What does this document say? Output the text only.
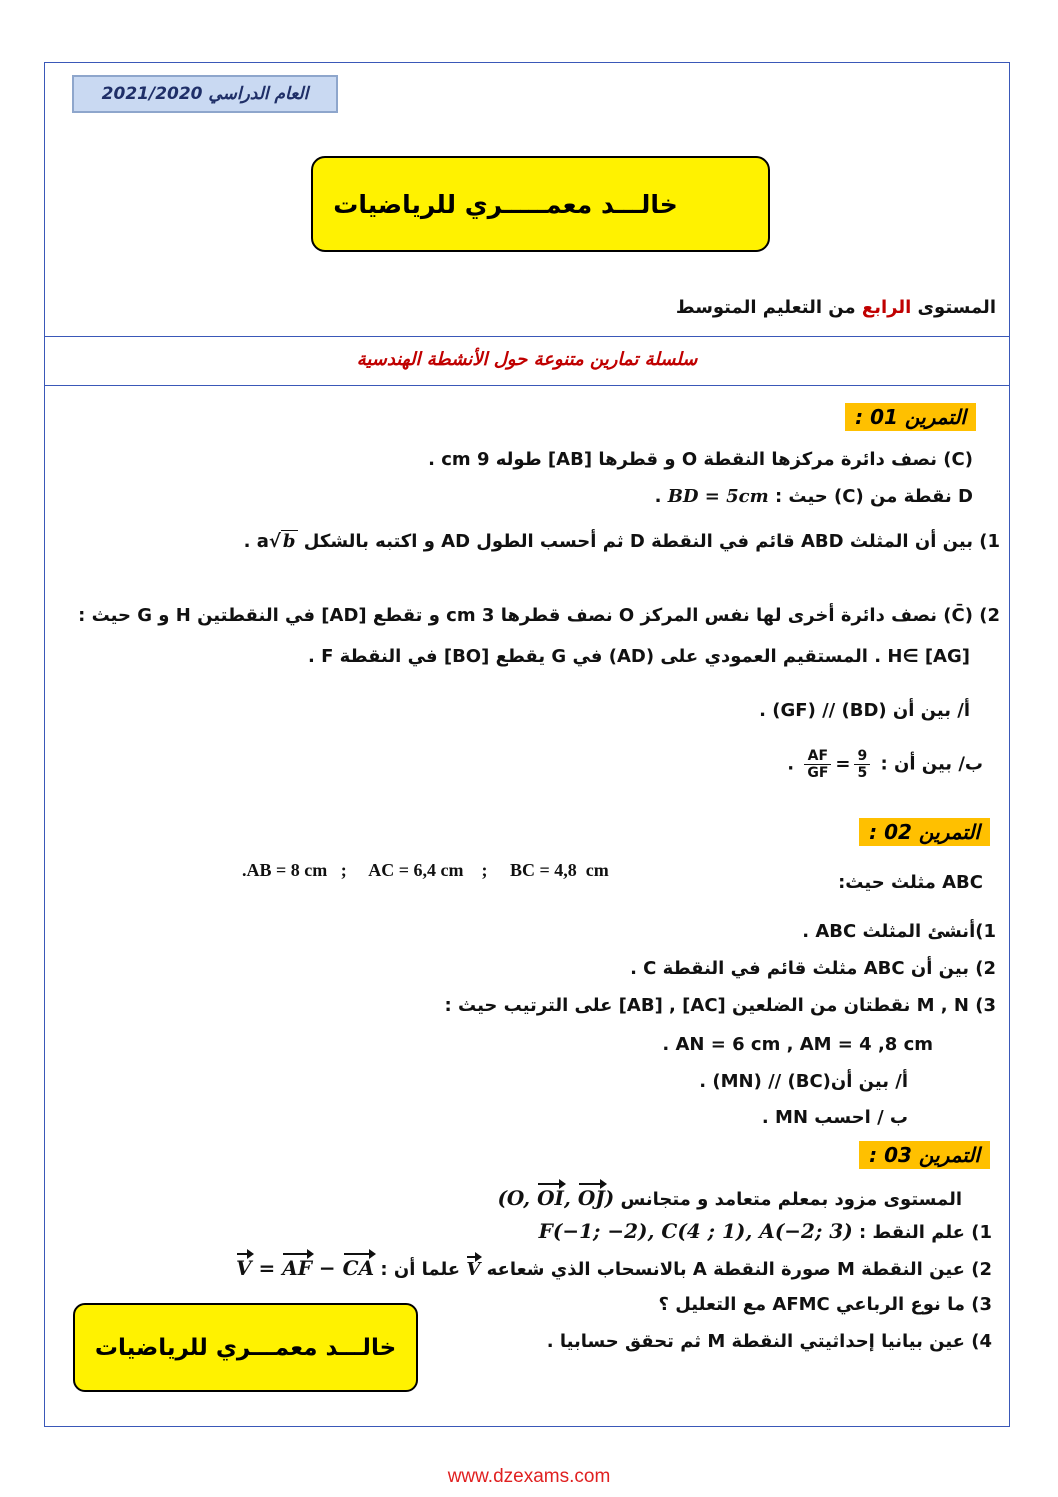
العام الدراسي 2021/2020
خالـــد معمـــــري للرياضيات
المستوى الرابع من التعليم المتوسط
سلسلة تمارين متنوعة حول الأنشطة الهندسية
التمرين 01 :
(C) نصف دائرة مركزها النقطة O و قطرها [AB] طوله 9 cm .
D نقطة من (C) حيث : BD = 5cm .
1) بين أن المثلث ABD قائم في النقطة D ثم أحسب الطول AD و اكتبه بالشكل a√ b .
2) (C̄) نصف دائرة أخرى لها نفس المركز O نصف قطرها 3 cm و تقطع [AD] في النقطتين H و G حيث :
H∈ [AG] . المستقيم العمودي على (AD) في G يقطع [BO] في النقطة F .
أ/ بين أن (BD) // (GF) .
ب/ بين أن :
$\frac{9}{5}$
=
$\frac{AF}{GF}$
.
التمرين 02 :
ABC مثلث حيث:
.AB = 8 cm   ;     AC = 6,4 cm    ;     BC = 4,8  cm
1)أنشئ المثلث ABC .
2) بين أن ABC مثلث قائم في النقطة C .
3) M , N نقطتان من الضلعين [AC] , [AB] على الترتيب حيث :
. AN = 6 cm , AM = 4 ,8 cm
أ/ بين أن(BC) // (MN) .
ب / احسب MN .
التمرين 03 :
المستوى مزود بمعلم متعامد و متجانس (O, OI, OJ)
1) علم النقط : F(−1; −2), C(4 ; 1), A(−2; 3)
2) عين النقطة M صورة النقطة A بالانسحاب الذي شعاعه V علما أن : V = AF − CA
3) ما نوع الرباعي AFMC مع التعليل ؟
4) عين بيانيا إحداثيتي النقطة M ثم تحقق حسابيا .
خالـــد معمـــري للرياضيات
www.dzexams.com
